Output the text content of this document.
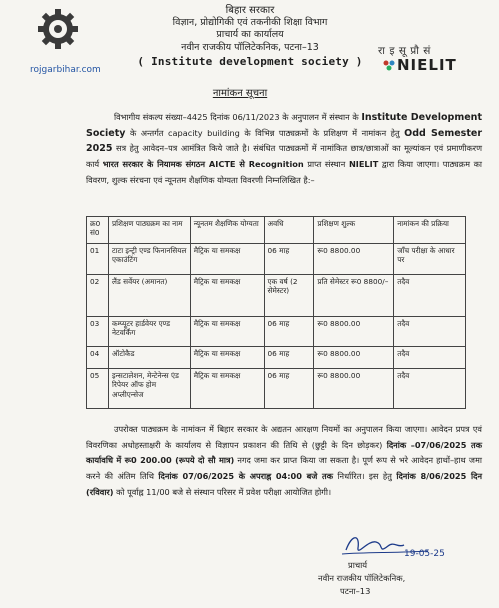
बिहार सरकार
विज्ञान, प्रोद्योगिकी एवं तकनीकी शिक्षा विभाग
प्राचार्य का कार्यालय
नवीन राजकीय पॉलिटेकनिक, पटना–13
( Institute development society )
rojgarbihar.com
रा इ सू प्रौ सं
NIELIT
नामांकन सूचना
विभागीय संकल्प संख्या–4425 दिनांक 06/11/2023 के अनुपालन में संस्थान के Institute Development Society के अन्तर्गत capacity building के विभिन्न पाठ्यक्रमों के प्रशिक्षण में नामांकन हेतु Odd Semester 2025 सत्र हेतु आवेदन–पत्र आमंत्रित किये जाते है। संबंधित पाठ्यक्रमों में नामांकित छात्र/छात्राओं का मूल्यांकन एवं प्रमाणीकरण कार्य भारत सरकार के नियामक संगठन AICTE से Recognition प्राप्त संस्थान NIELIT द्वारा किया जाएगा। पाठ्यक्रम का विवरण, शुल्क संरचना एवं न्यूनतम शैक्षणिक योग्यता विवरणी निम्नलिखित है:–
क्र0 सं0	प्रशिक्षण पाठ्यक्रम का नाम	न्यूनतम शैक्षणिक योग्यता	अवधि	प्रशिक्षण शुल्क	नामांकन की प्रक्रिया
01	टाटा इन्ट्री एण्ड फिनानसियल एकाउंटिंग	मैट्रिक या समकक्ष	06 माह	रू0 8800.00	जाँच परीक्षा के आधार पर
02	लैंड सर्वेयर (अमानत)	मैट्रिक या समकक्ष	एक वर्ष (2 सेमेस्टर)	प्रति सेमेस्टर रू0 8800/–	तदैव
03	कम्प्यूटर हार्डवेयर एण्ड नेटवर्किंग	मैट्रिक या समकक्ष	06 माह	रू0 8800.00	तदैव
04	ऑटोकैड	मैट्रिक या समकक्ष	06 माह	रू0 8800.00	तदैव
05	इन्सटालेशन, मेन्टेनेन्स एंड रिपेयर ऑफ होम अप्लीएन्सेज	मैट्रिक या समकक्ष	06 माह	रू0 8800.00	तदैव
उपरोक्त पाठ्यक्रम के नामांकन में बिहार सरकार के अद्यतन आरक्षण नियमों का अनुपालन किया जाएगा। आवेदन प्रपत्र एवं विवरणिका अधोहस्ताक्षरी के कार्यालय से विज्ञापन प्रकाशन की तिथि से (छुट्टी के दिन छोड़कर) दिनांक –07/06/2025 तक कार्यावधि में रू0 200.00 (रूपये दो सौ मात्र) नगद जमा कर प्राप्त किया जा सकता है। पूर्ण रूप से भरे आवेदन हाथों–हाथ जमा करने की अंतिम तिथि दिनांक 07/06/2025 के अपराह्न 04:00 बजे तक निर्धारित। इस हेतु दिनांक 8/06/2025 दिन (रविवार) को पूर्वाह्न 11/00 बजे से संस्थान परिसर में प्रवेश परीक्षा आयोजित होगी।
19-05-25
प्राचार्य
नवीन राजकीय पॉलिटेकनिक,
पटना–13
